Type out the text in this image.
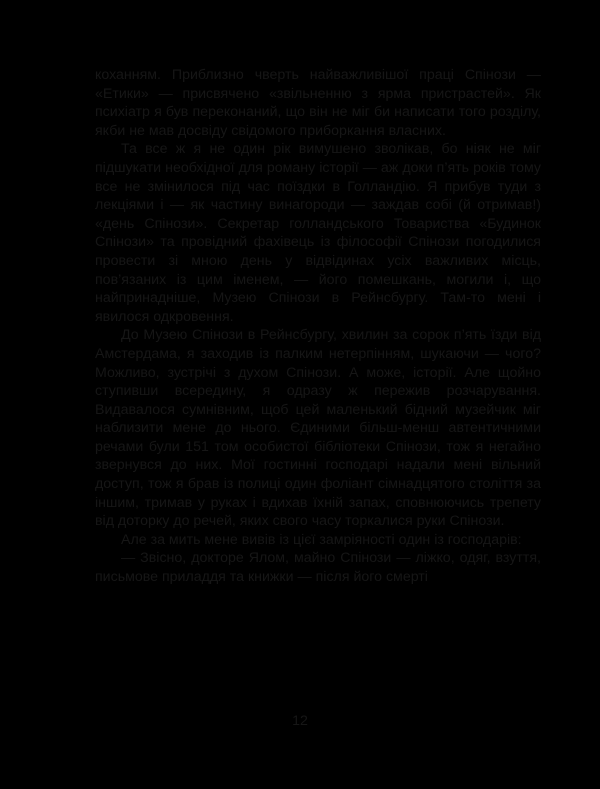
коханням. Приблизно чверть найважливішої праці Спінози — «Етики» — присвячено «звільненню з ярма пристрастей». Як психіатр я був переконаний, що він не міг би написати того розділу, якби не мав досвіду свідомого приборкання власних.

Та все ж я не один рік вимушено зволікав, бо ніяк не міг підшукати необхідної для роману історії — аж доки п’ять років тому все не змінилося під час поїздки в Голландію. Я прибув туди з лекціями і — як частину винагороди — заждав собі (й отримав!) «день Спінози». Секретар голландського Товариства «Будинок Спінози» та провідний фахівець із філософії Спінози погодилися провести зі мною день у відвідинах усіх важливих місць, пов’язаних із цим іменем, — його помешкань, могили і, що найпринадніше, Музею Спінози в Рейнсбургу. Там-то мені і явилося одкровення.

До Музею Спінози в Рейнсбургу, хвилин за сорок п’ять їзди від Амстердама, я заходив із палким нетерпінням, шукаючи — чого? Можливо, зустрічі з духом Спінози. А може, історії. Але щойно ступивши всередину, я одразу ж пережив розчарування. Видавалося сумнівним, щоб цей маленький бідний музейчик міг наблизити мене до нього. Єдиними більш-менш автентичними речами були 151 том особистої бібліотеки Спінози, тож я негайно звернувся до них. Мої гостинні господарі надали мені вільний доступ, тож я брав із полиці один фоліант сімнадцятого століття за іншим, тримав у руках і вдихав їхній запах, сповнюючись трепету від доторку до речей, яких свого часу торкалися руки Спінози.

Але за мить мене вивів із цієї замріяності один із господарів:

— Звісно, докторе Ялом, майно Спінози — ліжко, одяг, взуття, письмове приладдя та книжки — після його смерті

12
